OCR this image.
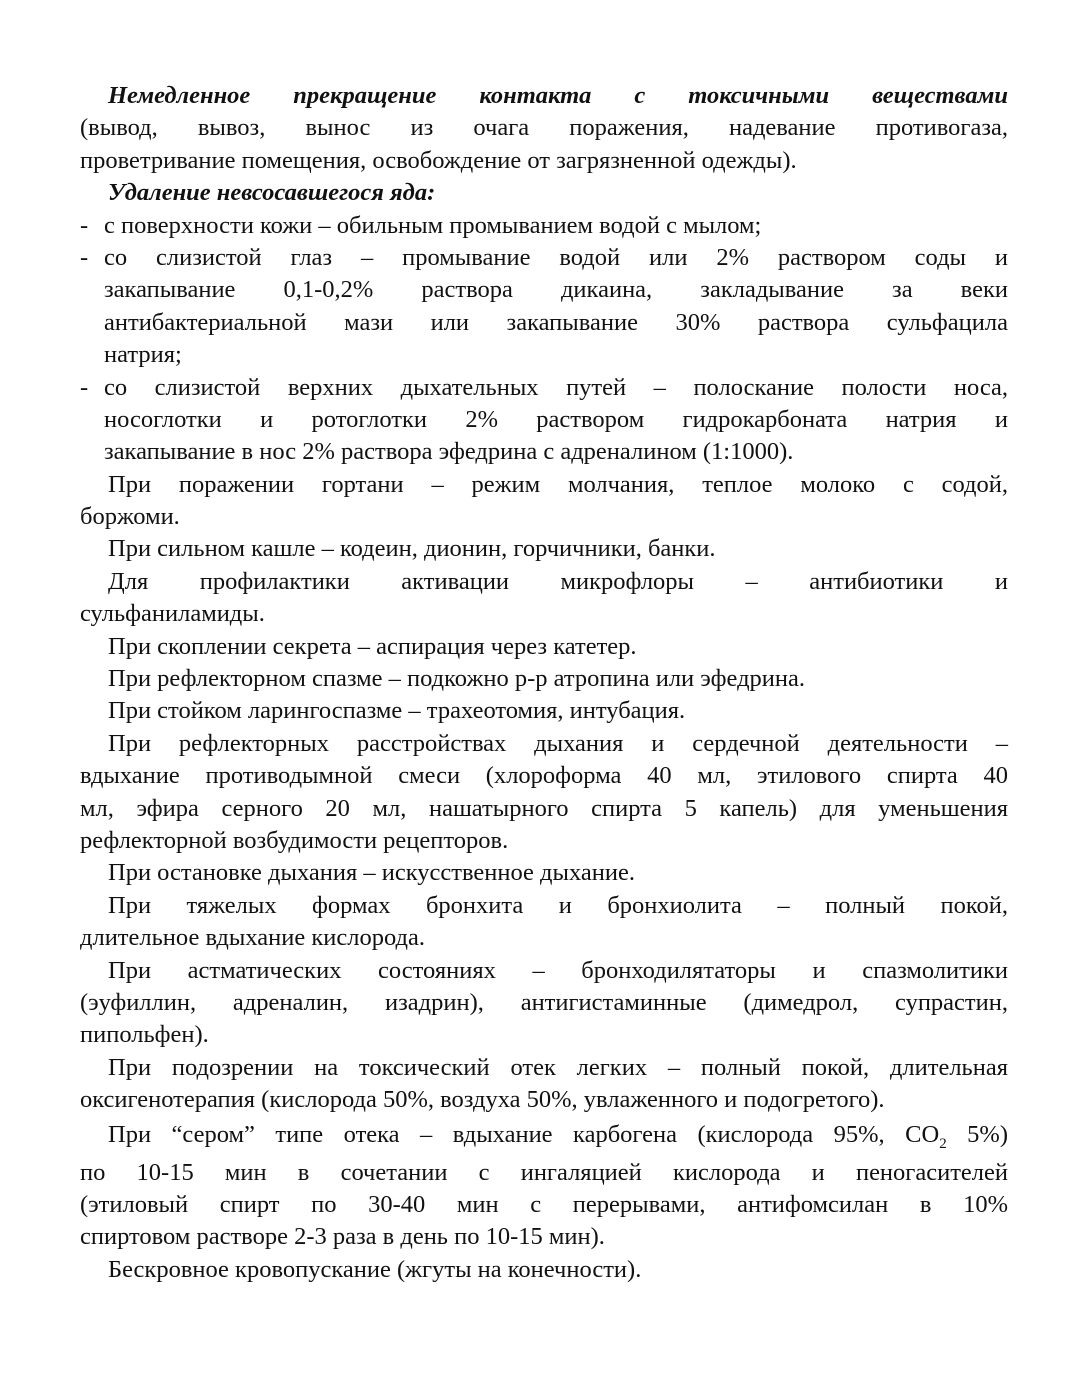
Немедленное прекращение контакта с токсичными веществами
(вывод, вывоз, вынос из очага поражения, надевание противогаза,
проветривание помещения, освобождение от загрязненной одежды).
Удаление невсосавшегося яда:
- с поверхности кожи – обильным промыванием водой с мылом;
- со слизистой глаз – промывание водой или 2% раствором соды и
закапывание 0,1-0,2% раствора дикаина, закладывание за веки
антибактериальной мази или закапывание 30% раствора сульфацила
натрия;
- со слизистой верхних дыхательных путей – полоскание полости носа,
носоглотки и ротоглотки 2% раствором гидрокарбоната натрия и
закапывание в нос 2% раствора эфедрина с адреналином (1:1000).
При поражении гортани – режим молчания, теплое молоко с содой,
боржоми.
При сильном кашле – кодеин, дионин, горчичники, банки.
Для профилактики активации микрофлоры – антибиотики и
сульфаниламиды.
При скоплении секрета – аспирация через катетер.
При рефлекторном спазме – подкожно р-р атропина или эфедрина.
При стойком ларингоспазме – трахеотомия, интубация.
При рефлекторных расстройствах дыхания и сердечной деятельности –
вдыхание противодымной смеси (хлороформа 40 мл, этилового спирта 40
мл, эфира серного 20 мл, нашатырного спирта 5 капель) для уменьшения
рефлекторной возбудимости рецепторов.
При остановке дыхания – искусственное дыхание.
При тяжелых формах бронхита и бронхиолита – полный покой,
длительное вдыхание кислорода.
При астматических состояниях – бронходилятаторы и спазмолитики
(эуфиллин, адреналин, изадрин), антигистаминные (димедрол, супрастин,
пипольфен).
При подозрении на токсический отек легких – полный покой, длительная
оксигенотерапия (кислорода 50%, воздуха 50%, увлаженного и подогретого).
При “сером” типе отека – вдыхание карбогена (кислорода 95%, $CO_2$ 5%)
по 10-15 мин в сочетании с ингаляцией кислорода и пеногасителей
(этиловый спирт по 30-40 мин с перерывами, антифомсилан в 10%
спиртовом растворе 2-3 раза в день по 10-15 мин).
Бескровное кровопускание (жгуты на конечности).
